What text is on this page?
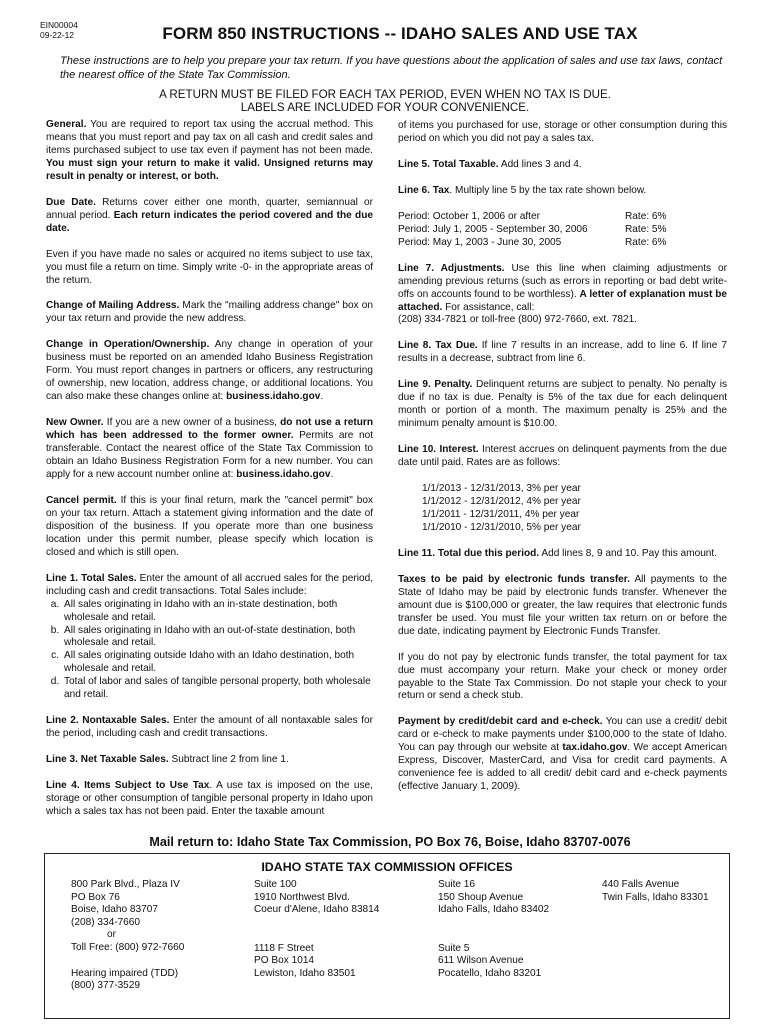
EIN00004
09-22-12	FORM 850 INSTRUCTIONS -- IDAHO SALES AND USE TAX
These instructions are to help you prepare your tax return. If you have questions about the application of sales and use tax laws, contact the nearest office of the State Tax Commission.
A RETURN MUST BE FILED FOR EACH TAX PERIOD, EVEN WHEN NO TAX IS DUE.
LABELS ARE INCLUDED FOR YOUR CONVENIENCE.

General. You are required to report tax using the accrual method. This means that you must report and pay tax on all cash and credit sales and items purchased subject to use tax even if payment has not been made. You must sign your return to make it valid. Unsigned returns may result in penalty or interest, or both.

Due Date. Returns cover either one month, quarter, semiannual or annual period. Each return indicates the period covered and the due date.

Even if you have made no sales or acquired no items subject to use tax, you must file a return on time. Simply write -0- in the appropriate areas of the return.

Change of Mailing Address. Mark the "mailing address change" box on your tax return and provide the new address.

Change in Operation/Ownership. Any change in operation of your business must be reported on an amended Idaho Business Registration Form. You must report changes in partners or officers, any restructuring of ownership, new location, address change, or additional locations. You can also make these changes online at: business.idaho.gov.

New Owner. If you are a new owner of a business, do not use a return which has been addressed to the former owner. Permits are not transferable. Contact the nearest office of the State Tax Commission to obtain an Idaho Business Registration Form for a new number. You can apply for a new account number online at: business.idaho.gov.

Cancel permit. If this is your final return, mark the "cancel permit" box on your tax return. Attach a statement giving information and the date of disposition of the business. If you operate more than one business location under this permit number, please specify which location is closed and which is still open.

Line 1. Total Sales. Enter the amount of all accrued sales for the period, including cash and credit transactions. Total Sales include:

a. All sales originating in Idaho with an in-state destination, both wholesale and retail.
b. All sales originating in Idaho with an out-of-state destination, both wholesale and retail.
c. All sales originating outside Idaho with an Idaho destination, both wholesale and retail.
d. Total of labor and sales of tangible personal property, both wholesale and retail.

Line 2. Nontaxable Sales. Enter the amount of all nontaxable sales for the period, including cash and credit transactions.

Line 3. Net Taxable Sales. Subtract line 2 from line 1.

Line 4. Items Subject to Use Tax. A use tax is imposed on the use, storage or other consumption of tangible personal property in Idaho upon which a sales tax has not been paid. Enter the taxable amount

of items you purchased for use, storage or other consumption during this period on which you did not pay a sales tax.

Line 5. Total Taxable. Add lines 3 and 4.

Line 6. Tax. Multiply line 5 by the tax rate shown below.

Period: October 1, 2006 or after	Rate: 6%
Period: July 1, 2005 - September 30, 2006	Rate: 5%
Period: May 1, 2003 - June 30, 2005	Rate: 6%

Line 7. Adjustments. Use this line when claiming adjustments or amending previous returns (such as errors in reporting or bad debt write-offs on accounts found to be worthless). A letter of explanation must be attached. For assistance, call:
(208) 334-7821 or toll-free (800) 972-7660, ext. 7821.

Line 8. Tax Due. If line 7 results in an increase, add to line 6. If line 7 results in a decrease, subtract from line 6.

Line 9. Penalty. Delinquent returns are subject to penalty. No penalty is due if no tax is due. Penalty is 5% of the tax due for each delinquent month or portion of a month. The maximum penalty is 25% and the minimum penalty amount is $10.00.

Line 10. Interest. Interest accrues on delinquent payments from the due date until paid. Rates are as follows:

1/1/2013 - 12/31/2013, 3% per year
1/1/2012 - 12/31/2012, 4% per year
1/1/2011 - 12/31/2011, 4% per year
1/1/2010 - 12/31/2010, 5% per year

Line 11. Total due this period. Add lines 8, 9 and 10. Pay this amount.

Taxes to be paid by electronic funds transfer. All payments to the State of Idaho may be paid by electronic funds transfer. Whenever the amount due is $100,000 or greater, the law requires that electronic funds transfer be used. You must file your written tax return on or before the due date, indicating payment by Electronic Funds Transfer.

If you do not pay by electronic funds transfer, the total payment for tax due must accompany your return. Make your check or money order payable to the State Tax Commission. Do not staple your check to your return or send a check stub.

Payment by credit/debit card and e-check. You can use a credit/ debit card or e-check to make payments under $100,000 to the state of Idaho. You can pay through our website at tax.idaho.gov. We accept American Express, Discover, MasterCard, and Visa for credit card payments. A convenience fee is added to all credit/ debit card and e-check payments (effective January 1, 2009).

Mail return to: Idaho State Tax Commission, PO Box 76, Boise, Idaho 83707-0076
IDAHO STATE TAX COMMISSION OFFICES
800 Park Blvd., Plaza IV
PO Box 76
Boise, Idaho 83707
(208) 334-7660
or
Toll Free: (800) 972-7660
Hearing impaired (TDD)
(800) 377-3529
Suite 100
1910 Northwest Blvd.
Coeur d'Alene, Idaho 83814
1118 F Street
PO Box 1014
Lewiston, Idaho 83501
Suite 16
150 Shoup Avenue
Idaho Falls, Idaho 83402
Suite 5
611 Wilson Avenue
Pocatello, Idaho 83201
440 Falls Avenue
Twin Falls, Idaho 83301
